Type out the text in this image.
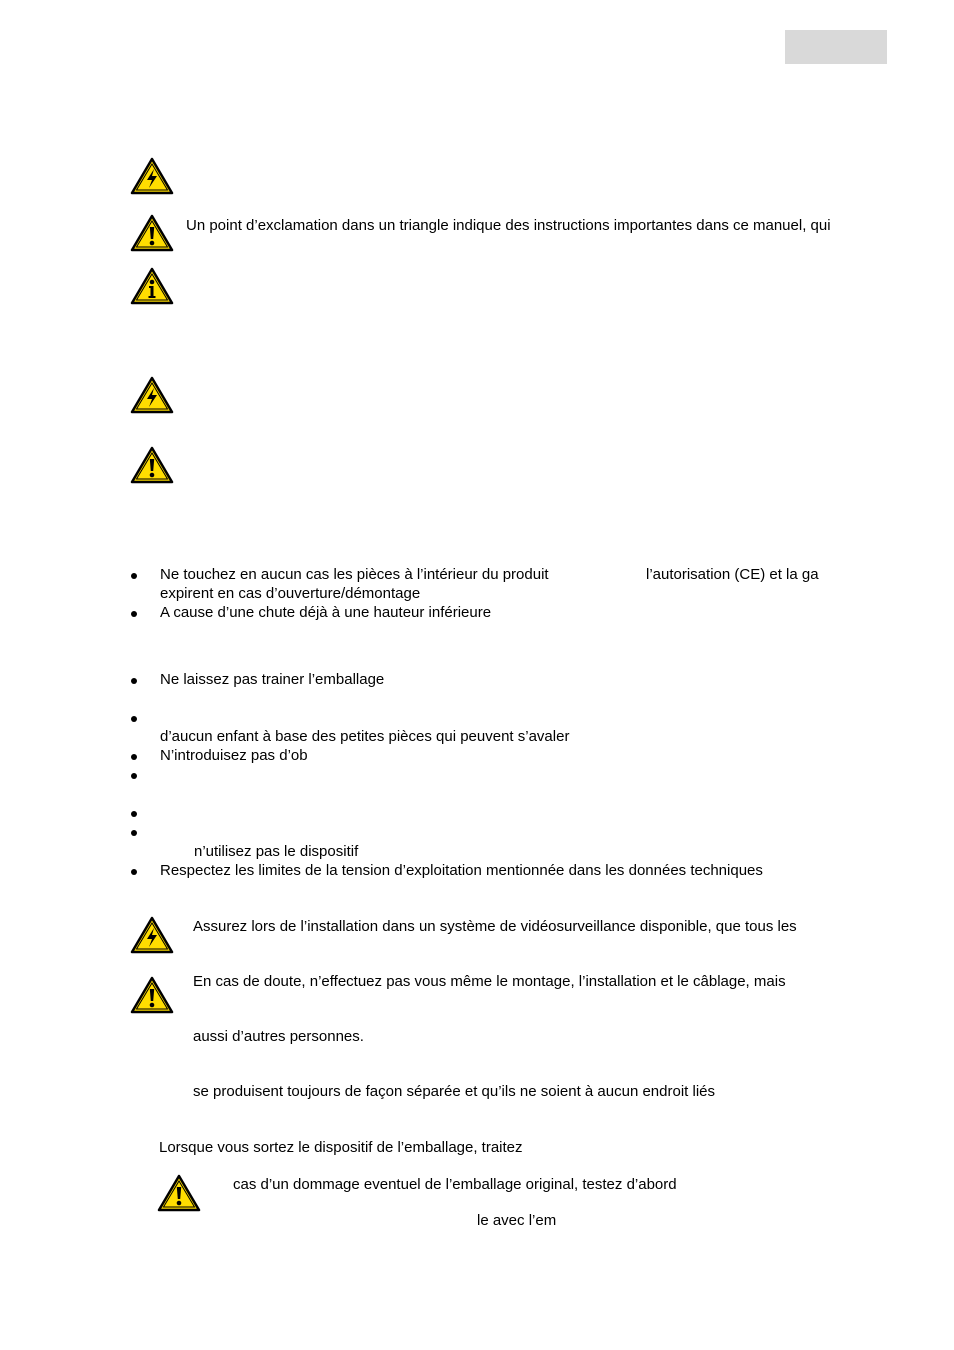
Un point d’exclamation dans un triangle indique des instructions importantes dans ce manuel, qui
Ne touchez en aucun cas les pièces à l’intérieur du produit	l’autorisation (CE) et la ga
expirent en cas d’ouverture/démontage
A cause d’une chute déjà à une hauteur inférieure
Ne laissez pas trainer l’emballage
d’aucun enfant à base des petites pièces qui peuvent s’avaler
N’introduisez pas d’ob
n’utilisez pas le dispositif
Respectez les limites de la tension d’exploitation mentionnée dans les données techniques
Assurez lors de l’installation dans un système de vidéosurveillance disponible, que tous les
En cas de doute, n’effectuez pas vous même le montage, l’installation et le câblage, mais
aussi d’autres personnes.
se produisent toujours de façon séparée et qu’ils ne soient à aucun endroit liés
Lorsque vous sortez le dispositif de l’emballage, traitez
cas d’un dommage eventuel de l’emballage original, testez d’abord
le avec l’em
